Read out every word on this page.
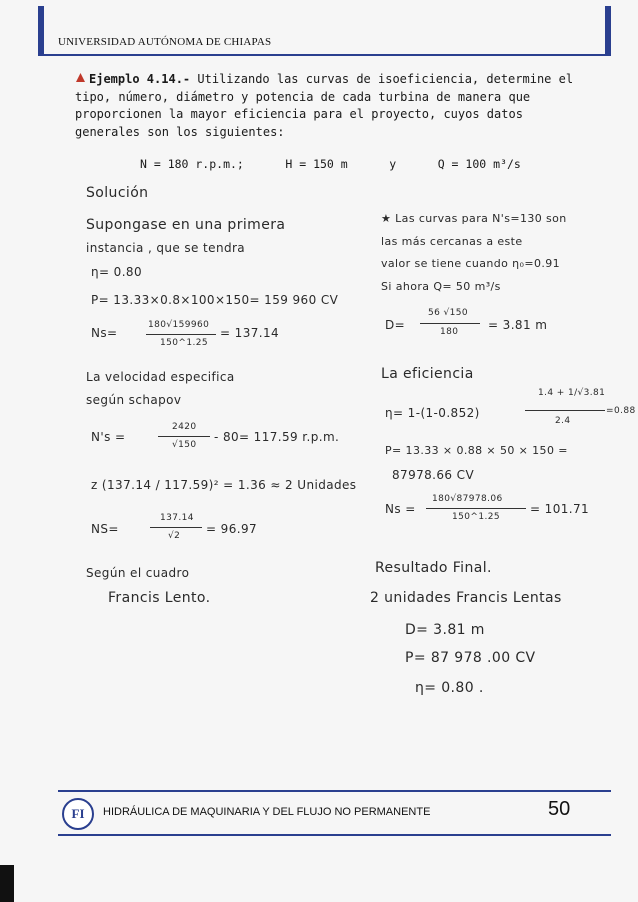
UNIVERSIDAD AUTÓNOMA DE CHIAPAS
Ejemplo 4.14.- Utilizando las curvas de isoeficiencia, determine el tipo, número, diámetro y potencia de cada turbina de manera que proporcionen la mayor eficiencia para el proyecto, cuyos datos generales son los siguientes:
N = 180 r.p.m.;      H = 150 m      y      Q = 100 m³/s
Solución
Supongase en una primera
instancia , que se tendra
η= 0.80
P= 13.33×0.8×100×150= 159 960 CV
Ns=
180√159960
150^1.25
= 137.14
La velocidad especifica
según schapov
N's =
2420
√150
- 80= 117.59 r.p.m.
z (137.14 / 117.59)² = 1.36 ≈ 2 Unidades
NS=
137.14
√2 = 96.97
Según el cuadro
Francis Lento.
★ Las curvas para N's=130 son
las más cercanas a este
valor se tiene cuando η₀=0.91
Si ahora Q= 50 m³/s
D=
56 √150
180 = 3.81 m
La eficiencia
η= 1-(1-0.852)
1.4 + 1/√3.81
2.4
=0.88
P= 13.33 × 0.88 × 50 × 150 =
87978.66 CV
Ns =
180√87978.06
150^1.25
= 101.71
Resultado Final.
2 unidades Francis Lentas
D= 3.81 m
P= 87 978 .00 CV
η= 0.80 .
FI	HIDRÁULICA DE MAQUINARIA Y DEL FLUJO NO PERMANENTE	50
